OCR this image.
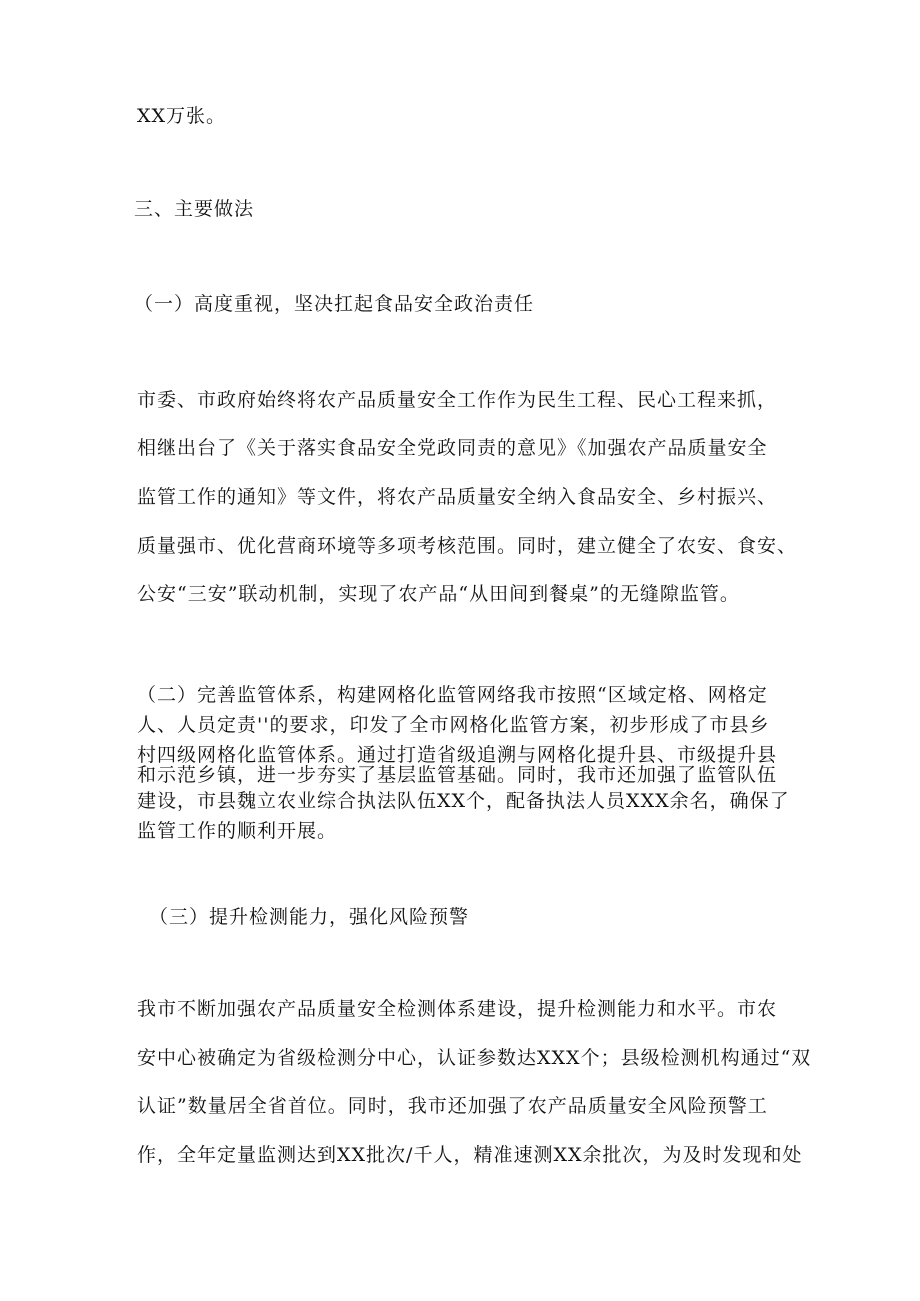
XX万张。
三、主要做法
（一）高度重视，坚决扛起食品安全政治责任
市委、市政府始终将农产品质量安全工作作为民生工程、民心工程来抓，
相继出台了《关于落实食品安全党政同责的意见》《加强农产品质量安全
监管工作的通知》等文件，将农产品质量安全纳入食品安全、乡村振兴、
质量强市、优化营商环境等多项考核范围。同时，建立健全了农安、食安、
公安“三安”联动机制，实现了农产品“从田间到餐桌”的无缝隙监管。
（二）完善监管体系，构建网格化监管网络我市按照“区域定格、网格定
人、人员定责''的要求，印发了全市网格化监管方案，初步形成了市县乡
村四级网格化监管体系。通过打造省级追溯与网格化提升县、市级提升县
和示范乡镇，进一步夯实了基层监管基础。同时，我市还加强了监管队伍
建设，市县魏立农业综合执法队伍XX个，配备执法人员XXX余名，确保了
监管工作的顺利开展。
（三）提升检测能力，强化风险预警
我市不断加强农产品质量安全检测体系建设，提升检测能力和水平。市农
安中心被确定为省级检测分中心，认证参数达XXX个；县级检测机构通过“双
认证”数量居全省首位。同时，我市还加强了农产品质量安全风险预警工
作，全年定量监测达到XX批次/千人，精准速测XX余批次，为及时发现和处
